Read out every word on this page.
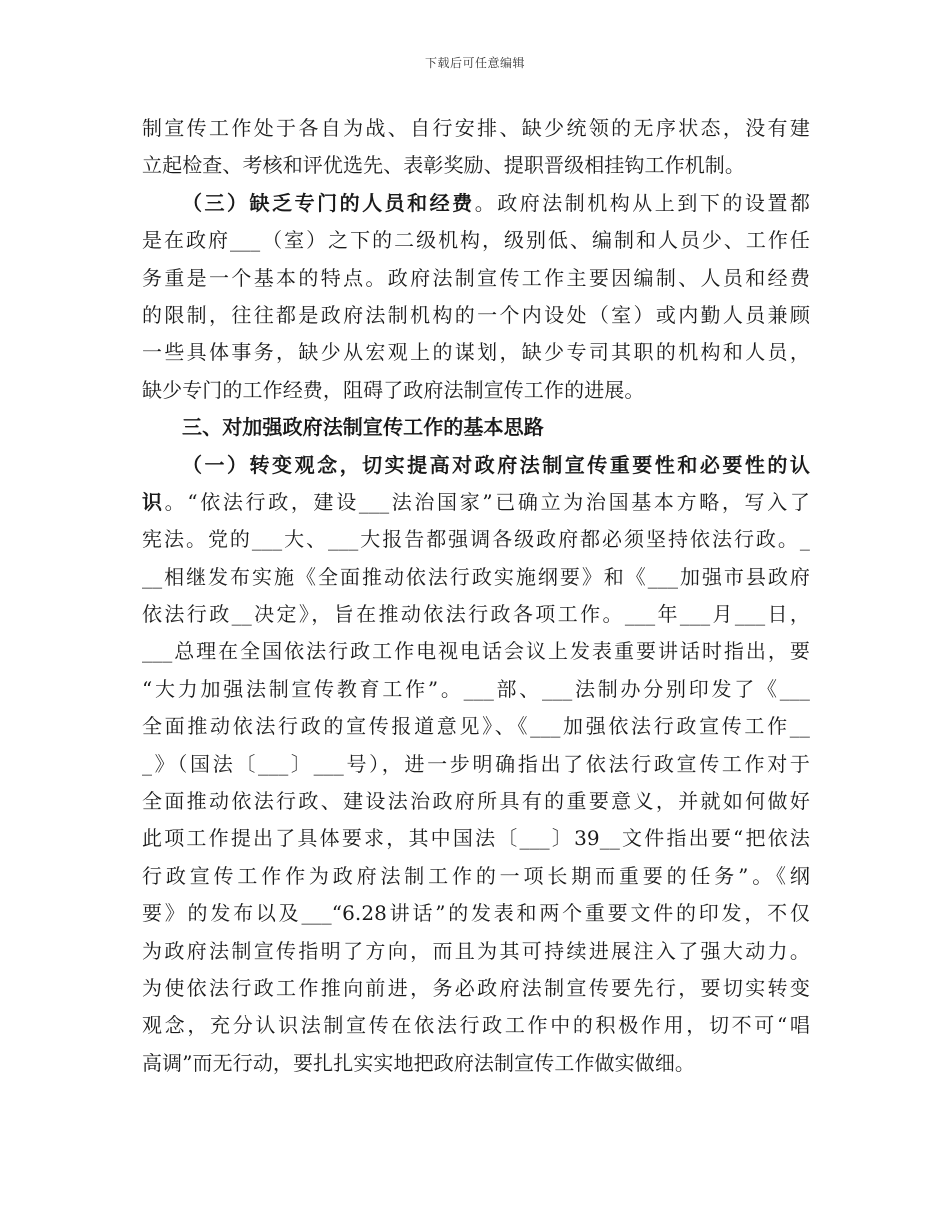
下载后可任意编辑
制宣传工作处于各自为战、自行安排、缺少统领的无序状态，没有建
立起检查、考核和评优选先、表彰奖励、提职晋级相挂钩工作机制。
（三）缺乏专门的人员和经费。政府法制机构从上到下的设置都
是在政府___（室）之下的二级机构，级别低、编制和人员少、工作任
务重是一个基本的特点。政府法制宣传工作主要因编制、人员和经费
的限制，往往都是政府法制机构的一个内设处（室）或内勤人员兼顾
一些具体事务，缺少从宏观上的谋划，缺少专司其职的机构和人员，
缺少专门的工作经费，阻碍了政府法制宣传工作的进展。
三、对加强政府法制宣传工作的基本思路
（一）转变观念，切实提高对政府法制宣传重要性和必要性的认
识。“依法行政，建设___法治国家”已确立为治国基本方略，写入了
宪法。党的___大、___大报告都强调各级政府都必须坚持依法行政。_
__相继发布实施《全面推动依法行政实施纲要》和《___加强市县政府
依法行政__决定》，旨在推动依法行政各项工作。___年___月___日，
___总理在全国依法行政工作电视电话会议上发表重要讲话时指出，要
“大力加强法制宣传教育工作”。___部、___法制办分别印发了《___
全面推动依法行政的宣传报道意见》、《___加强依法行政宣传工作__
_》（国法〔___〕___号），进一步明确指出了依法行政宣传工作对于
全面推动依法行政、建设法治政府所具有的重要意义，并就如何做好
此项工作提出了具体要求，其中国法〔___〕39__文件指出要“把依法
行政宣传工作作为政府法制工作的一项长期而重要的任务”。《纲
要》的发布以及___“6.28讲话”的发表和两个重要文件的印发，不仅
为政府法制宣传指明了方向，而且为其可持续进展注入了强大动力。
为使依法行政工作推向前进，务必政府法制宣传要先行，要切实转变
观念，充分认识法制宣传在依法行政工作中的积极作用，切不可“唱
高调”而无行动，要扎扎实实地把政府法制宣传工作做实做细。
